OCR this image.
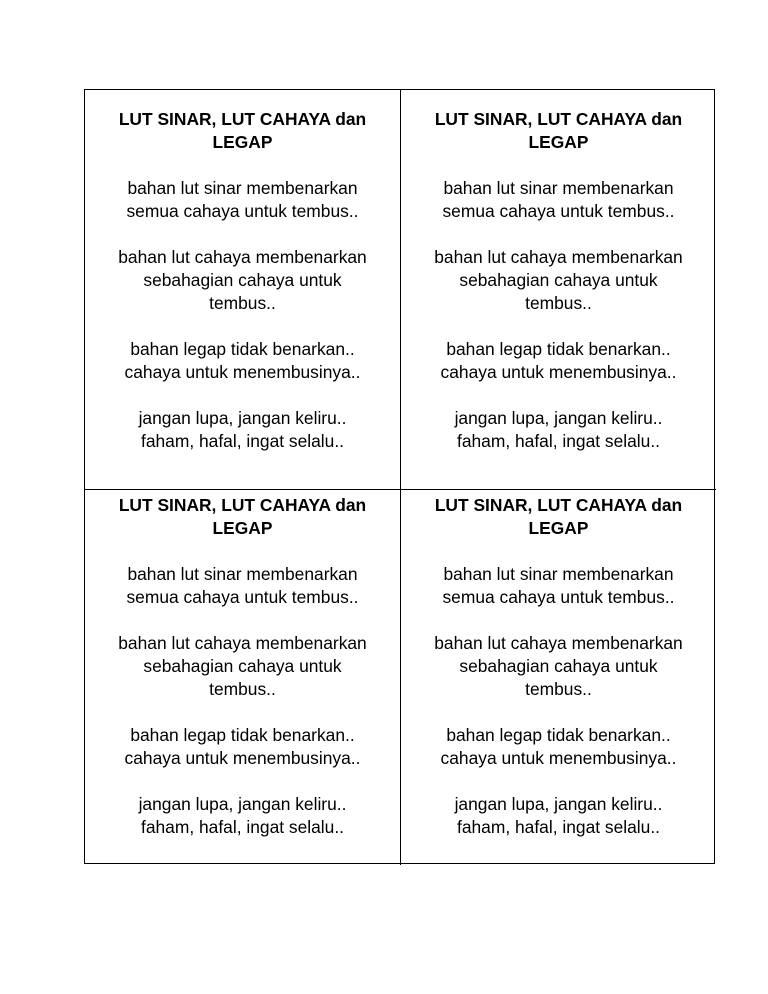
LUT SINAR, LUT CAHAYA dan
LEGAP
bahan lut sinar membenarkan
semua cahaya untuk tembus..
bahan lut cahaya membenarkan
sebahagian cahaya untuk
tembus..
bahan legap tidak benarkan..
cahaya untuk menembusinya..
jangan lupa, jangan keliru..
faham, hafal, ingat selalu..
LUT SINAR, LUT CAHAYA dan
LEGAP
bahan lut sinar membenarkan
semua cahaya untuk tembus..
bahan lut cahaya membenarkan
sebahagian cahaya untuk
tembus..
bahan legap tidak benarkan..
cahaya untuk menembusinya..
jangan lupa, jangan keliru..
faham, hafal, ingat selalu..
LUT SINAR, LUT CAHAYA dan
LEGAP
bahan lut sinar membenarkan
semua cahaya untuk tembus..
bahan lut cahaya membenarkan
sebahagian cahaya untuk
tembus..
bahan legap tidak benarkan..
cahaya untuk menembusinya..
jangan lupa, jangan keliru..
faham, hafal, ingat selalu..
LUT SINAR, LUT CAHAYA dan
LEGAP
bahan lut sinar membenarkan
semua cahaya untuk tembus..
bahan lut cahaya membenarkan
sebahagian cahaya untuk
tembus..
bahan legap tidak benarkan..
cahaya untuk menembusinya..
jangan lupa, jangan keliru..
faham, hafal, ingat selalu..
